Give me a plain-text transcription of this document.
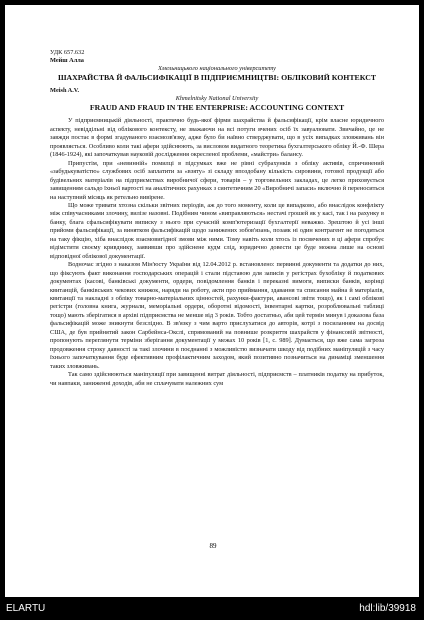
УДК 657.632
Мейш Алла
Хмельницького національного університету
ШАХРАЙСТВА Й ФАЛЬСИФІКАЦІЇ В ПІДПРИЄМНИЦТВІ: ОБЛІКОВИЙ КОНТЕКСТ
Meish A.V.
Khmelnitsky National University
FRAUD AND FRAUD IN THE ENTERPRISE: ACCOUNTING CONTEXT

У підприємницькій діяльності, практично будь-якої фірми шахрайства й фальсифікації, крім власне юридичного аспекту, невіддільні від облікового контексту, не зважаючи на всі потуги вчених осіб їх завуалювати. Звичайно, це не завжди постає в формі згадуваного взаємозв'язку, адже було би наївно стверджувати, що в усіх випадках зловживань він проявляється. Особливо коли такі афери здійснюють, за висловом видатного теоретика бухгалтерського обліку Й.-Ф. Шера (1846-1924), які започаткував науковій дослідження окресленої проблеми, «майстри» балансу.

Припустім, при «невинній» помилці в підсумках вже не рівні субрахунків з обліку активів, спричинений «забудькуватістю» службових осіб заплатити за «взяту» зі складу впоздобану кількість сировини, готової продукції або будівельних матеріалів на підприємствах виробничої сфери, товарів – у торговельних закладах, це легко приховується завищенням сальдо їхньої вартості на аналітичних рахунках з синтетичним 20 «Виробничі запаси» включно й переноситься на наступний місяць як ретельно вивірене.

Що може тривати хтозна скільки звітних періодів, аж до того моменту, коли це випадково, або внаслідок конфлікту між співучасниками злочину, вилізе назовні. Подібним чином «виправляються» нестачі грошей як у касі, так і на рахунку в банку, блага сфальсифікувати виписку з нього при сучасній комп'ютеризації бухгалтерії неважко. Зрештою й усі інші прийоми фальсифікації, за винятком фальсифікацій щодо занижених зобов'язань, позаяк ні один контрагент не погодиться на таку фікцію, хіба внаслідок взаємовигідної змови між ними. Тому навіть коли хтось із посвячених в ці афери спробує відімстити своєму кривднику, заявивши про здійснене кудм слід, юридично довести це буде можна лише на основі відповідної облікової документації.

Водночас згідно з наказом Мін'юсту України від 12.04.2012 р. встановлено: первинні документи та додатки до них, що фіксують факт виконання господарських операцій і стали підставою для записів у регістрах бухобліку й податкових документах (касові, банківські документи, ордери, повідомлення банків і переказні вимоги, виписки банків, корінці квитанцій, банківських чекових книжок, наряди на роботу, акти про приймання, здавання та списання майна й матеріалів, квитанції та накладні з обліку товарно-матеріальних цінностей, рахунки-фактури, авансові звіти тощо), як і самі облікові регістри (головна книга, журнали, меморіальні ордери, оборотні відомості, інвентарні картки, розроблювальні таблиці тощо) мають зберігатися в архіві підприємства не менше від 3 років. Тобто достатньо, аби цей термін минув і доказова база фальсифікацій може зникнути безслідно. В зв'язку з чим варто прислухатися до авторів, котрі з посиланням на досвід США, де був прийнятий закон Сарбейнса-Окслі, спрямований на повнише розкриття шахрайств у фінансовій звітності, пропонують переглянути терміни зберігання документації у межах 10 років [1, с. 989]. Думається, що вже сама загроза продовження строку давності за такі злочини в поєднанні з можливістю визначати шкоду від подібних маніпуляцій з часу їхнього започаткування буде ефективним профілактичним заходом, який позитивно позначиться на динаміці зменшення таких зловживань.

Так само здійснюються маніпуляції при завищенні витрат діяльності, підприємств – платників податку на прибуток, чи навпаки, заниженні доходів, аби не сплачувати належних сум

89
ELARTU	hdl:lib/39918
